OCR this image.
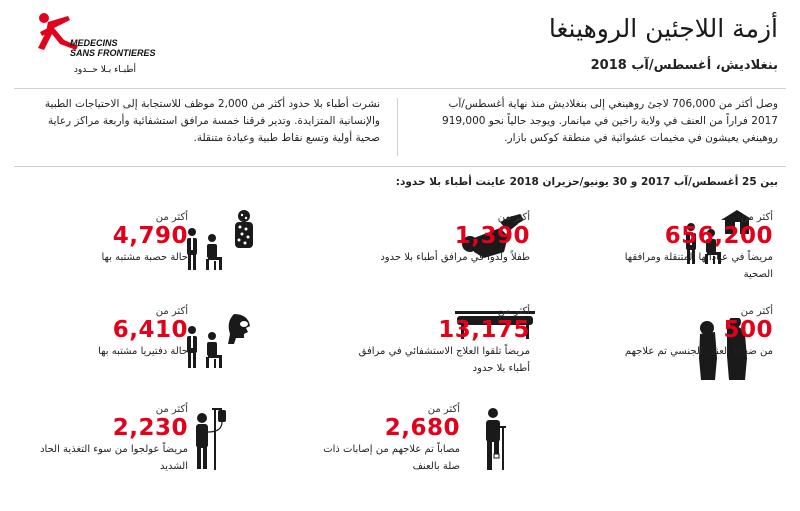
MEDECINS
SANS FRONTIERES
أطبـاء بـلا حــدود
أزمة اللاجئين الروهينغا
بنغلاديش، أغسطس/آب 2018
وصل أكثر من 706,000 لاجئ روهينغي إلى بنغلاديش منذ نهاية أغسطس/آب 2017 فراراً من العنف في ولاية راخين في ميانمار. ويوجد حالياً نحو 919,000 روهينغي يعيشون في مخيمات عشوائية في منطقة كوكس بازار.
نشرت أطباء بلا حدود أكثر من 2,000 موظف للاستجابة إلى الاحتياجات الطبية والإنسانية المتزايدة. وتدير فرقنا خمسة مرافق استشفائية وأربعة مراكز رعاية صحية أولية وتسع نقاط طبية وعيادة متنقلة.
بين 25 أغسطس/آب 2017 و 30 يونيو/حزيران 2018 عاينت أطباء بلا حدود:
أكثر من
656,200
مريضاً في عياداتها المتنقلة ومرافقها الصحية
أكثر من
1,390
طفلاً ولدوا في مرافق أطباء بلا حدود
أكثر من
4,790
حالة حصبة مشتبه بها
أكثر من
500
من ضحايا العنف الجنسي تم علاجهم
أكثر من
13,175
مريضاً تلقوا العلاج الاستشفائي في مرافق أطباء بلا حدود
أكثر من
6,410
حالة دفتيريا مشتبه بها
أكثر من
2,680
مصاباً تم علاجهم من إصابات ذات صلة بالعنف
أكثر من
2,230
مريضاً عولجوا من سوء التغذية الحاد الشديد
